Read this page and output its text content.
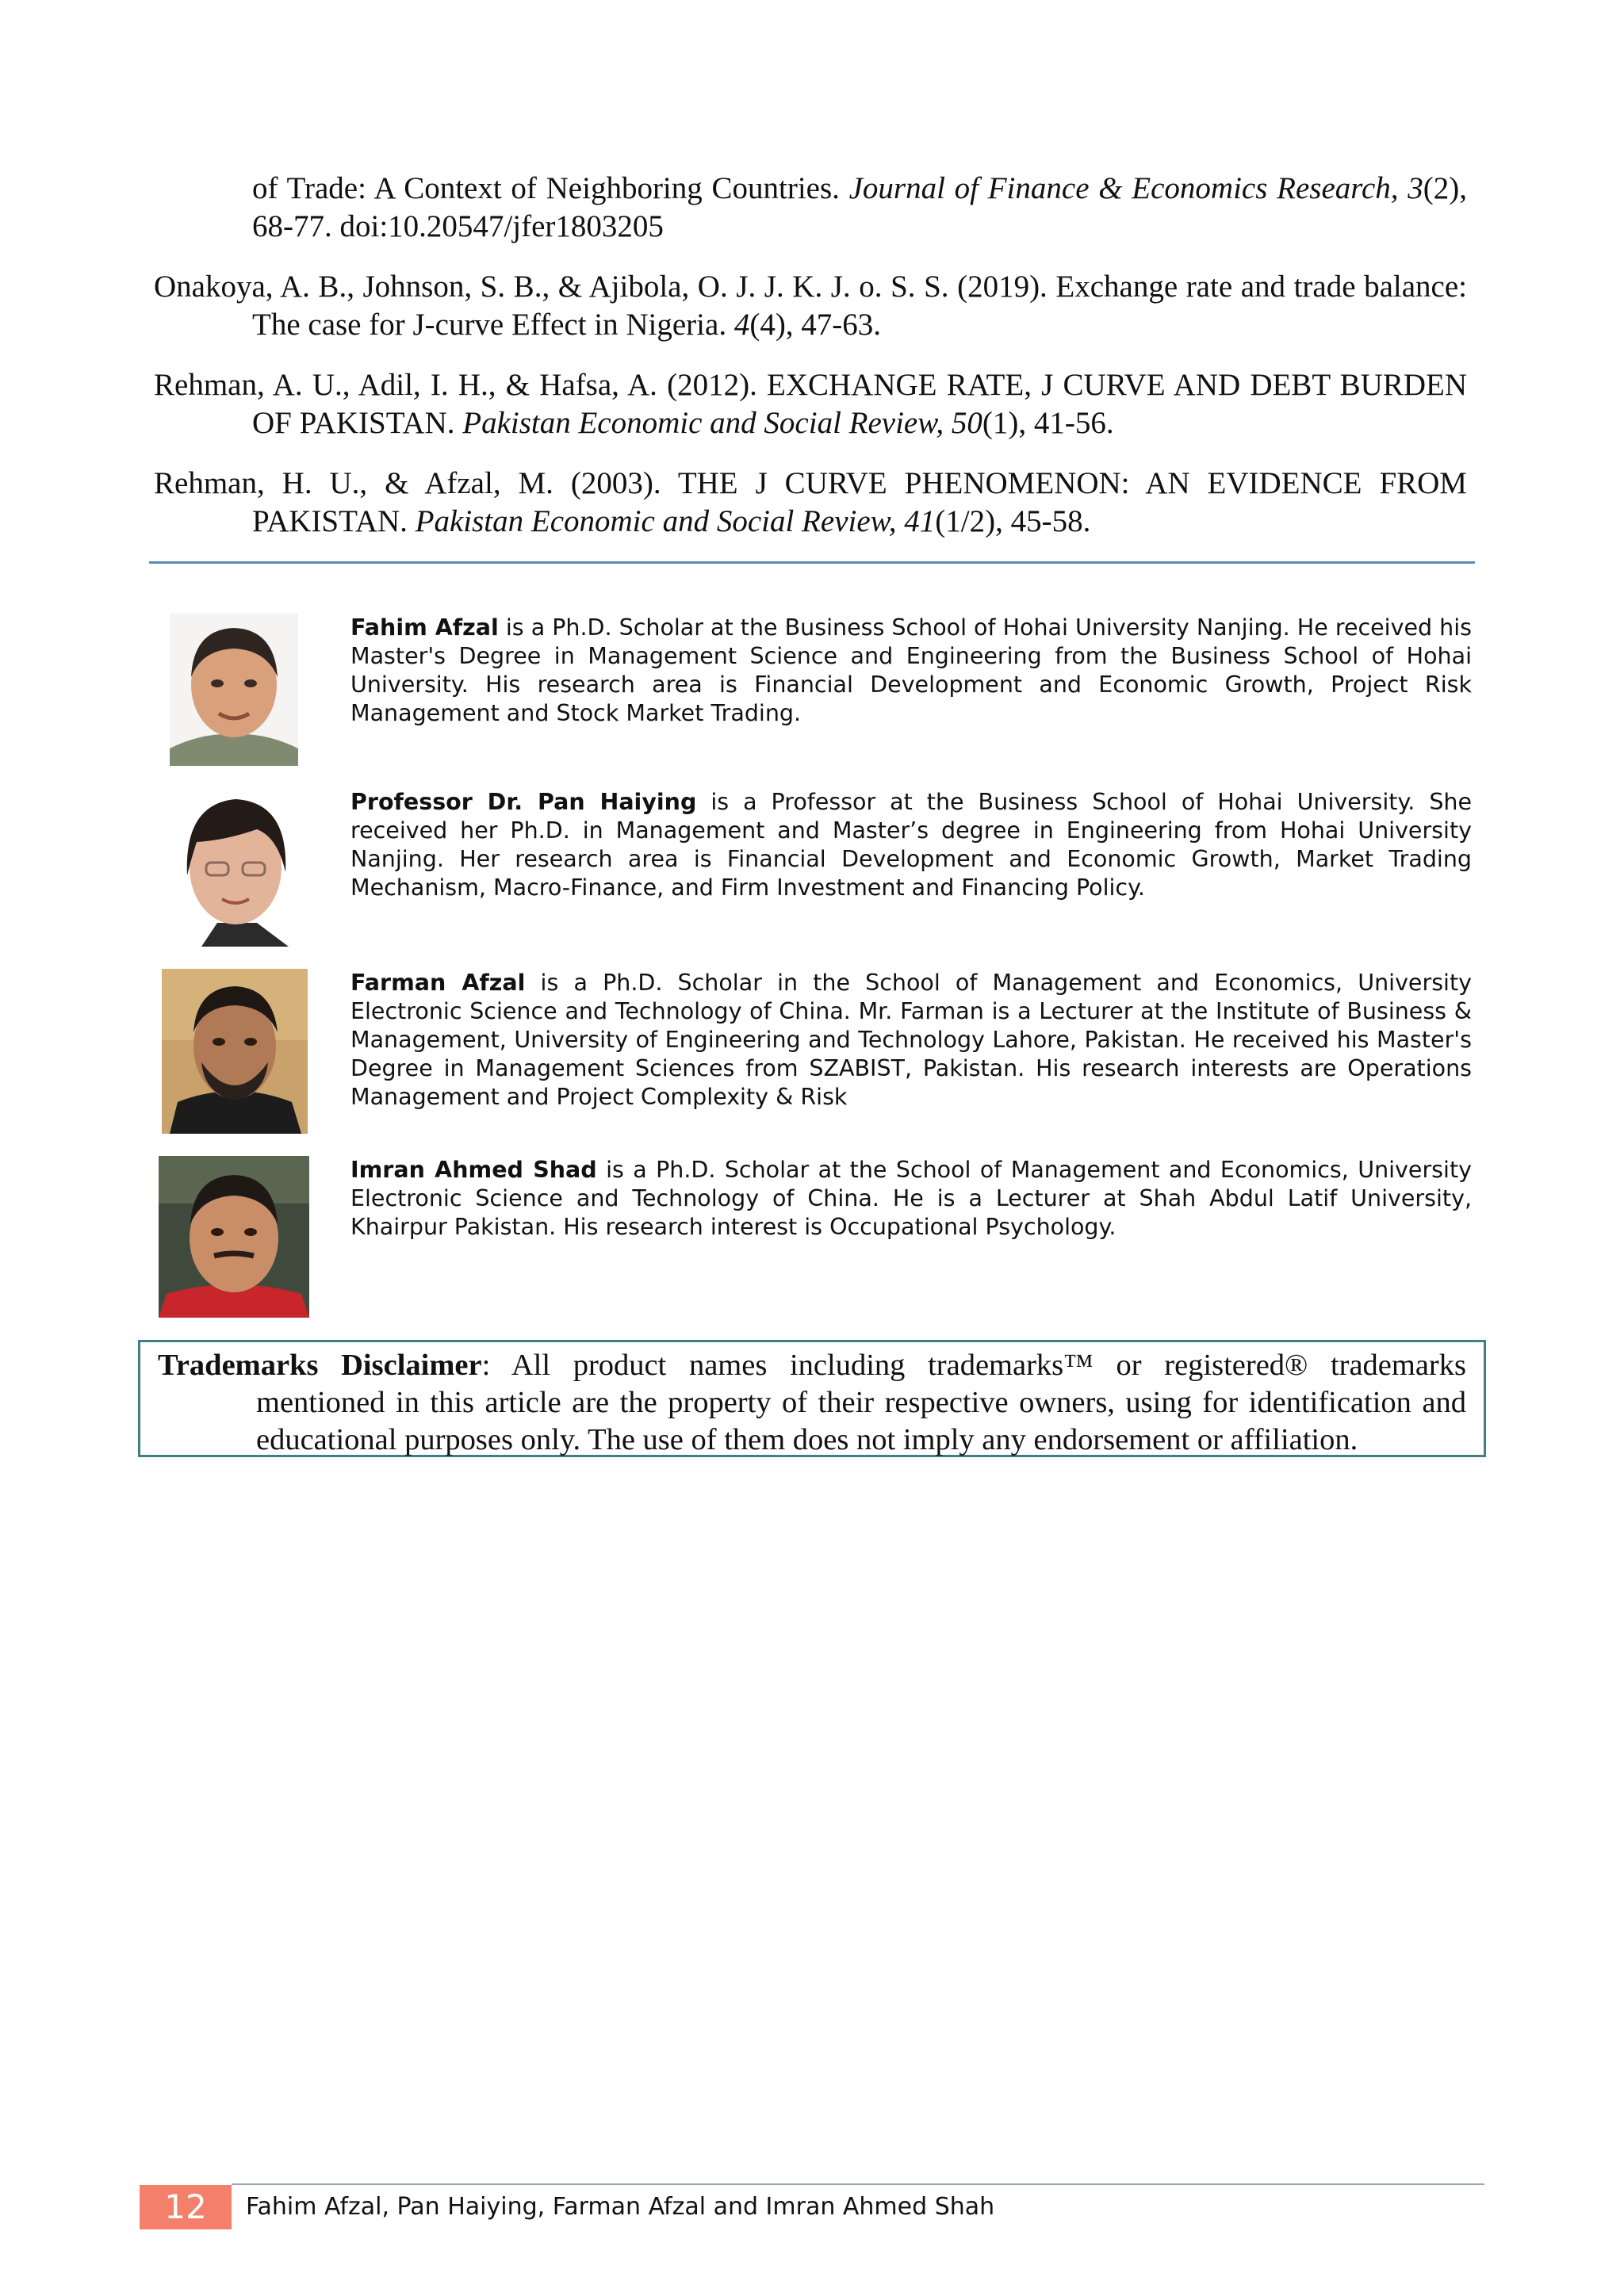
of Trade: A Context of Neighboring Countries. Journal of Finance & Economics Research, 3(2), 68-77. doi:10.20547/jfer1803205

Onakoya, A. B., Johnson, S. B., & Ajibola, O. J. J. K. J. o. S. S. (2019). Exchange rate and trade balance: The case for J-curve Effect in Nigeria. 4(4), 47-63.

Rehman, A. U., Adil, I. H., & Hafsa, A. (2012). EXCHANGE RATE, J CURVE AND DEBT BURDEN OF PAKISTAN. Pakistan Economic and Social Review, 50(1), 41-56.

Rehman, H. U., & Afzal, M. (2003). THE J CURVE PHENOMENON: AN EVIDENCE FROM PAKISTAN. Pakistan Economic and Social Review, 41(1/2), 45-58.

Fahim Afzal is a Ph.D. Scholar at the Business School of Hohai University Nanjing. He received his Master's Degree in Management Science and Engineering from the Business School of Hohai University. His research area is Financial Development and Economic Growth, Project Risk Management and Stock Market Trading.
Professor Dr. Pan Haiying is a Professor at the Business School of Hohai University. She received her Ph.D. in Management and Master’s degree in Engineering from Hohai University Nanjing. Her research area is Financial Development and Economic Growth, Market Trading Mechanism, Macro-Finance, and Firm Investment and Financing Policy.
Farman Afzal is a Ph.D. Scholar in the School of Management and Economics, University Electronic Science and Technology of China. Mr. Farman is a Lecturer at the Institute of Business & Management, University of Engineering and Technology Lahore, Pakistan. He received his Master's Degree in Management Sciences from SZABIST, Pakistan. His research interests are Operations Management and Project Complexity & Risk
Imran Ahmed Shad is a Ph.D. Scholar at the School of Management and Economics, University Electronic Science and Technology of China. He is a Lecturer at Shah Abdul Latif University, Khairpur Pakistan. His research interest is Occupational Psychology.

Trademarks Disclaimer: All product names including trademarks™ or registered® trademarks mentioned in this article are the property of their respective owners, using for identification and educational purposes only. The use of them does not imply any endorsement or affiliation.

12	Fahim Afzal, Pan Haiying, Farman Afzal and Imran Ahmed Shah
